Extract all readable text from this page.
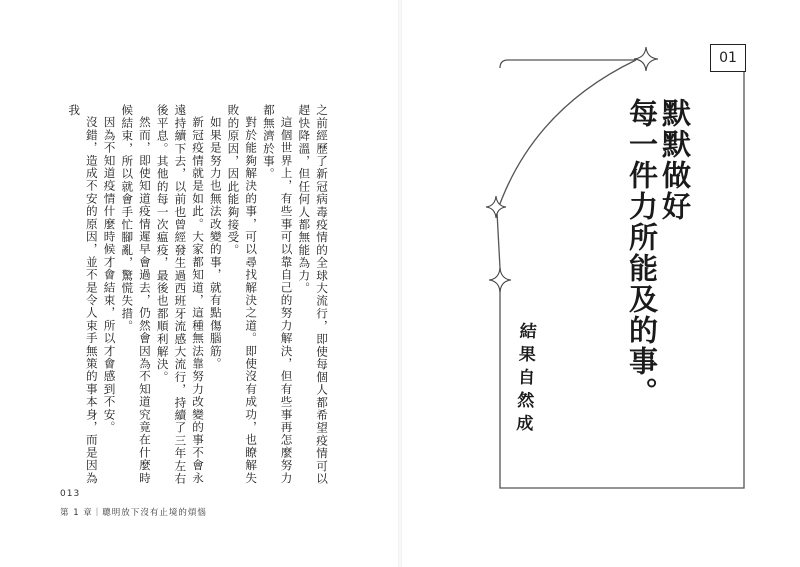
之前經歷了新冠病毒疫情的全球大流行，即使每個人都希望疫情可以趕快降溫，但任何人都無能為力。

這個世界上，有些事可以靠自己的努力解決，但有些事再怎麼努力都無濟於事。

對於能夠解決的事，可以尋找解決之道。即使沒有成功，也瞭解失敗的原因，因此能夠接受。

如果是努力也無法改變的事，就有點傷腦筋。

新冠疫情就是如此。大家都知道，這種無法靠努力改變的事不會永遠持續下去，以前也曾經發生過西班牙流感大流行，持續了三年左右後平息。其他的每一次瘟疫，最後也都順利解決。

然而，即使知道疫情遲早會過去，仍然會因為不知道究竟在什麼時候結束，所以就會手忙腳亂，驚慌失措。

因為不知道疫情什麼時候才會結束，所以才會感到不安。

沒錯，造成不安的原因，並不是令人束手無策的事本身，而是因為我

013
第 1 章｜聰明放下沒有止境的煩惱
01
默默做好
每一件力所能及的事。
結果自然成
